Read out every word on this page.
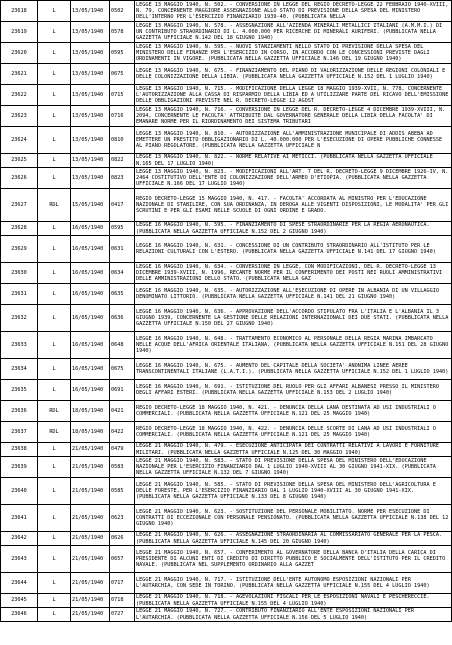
23618	L	13/05/1940	0502	LEGGE 13 MAGGIO 1940, N. 502. - CONVERSIONE IN LEGGE DEL REGIO DECRETO-LEGGE 22 FEBBRAIO 1940-XVIII, N. 79, CONCERNENTE MAGGIORE ASSEGNAZIONE ALLO STATO DI PREVISIONE DELLA SPESA DEL MINISTERO DELL'INTERNO PER L'ESERCIZIO FINANZIARIO 1939-40. (PUBBLICATA NELLA
23619	L	13/05/1940	0578	LEGGE 13 MAGGIO 1940, N. 578. - ASSEGNAZIONE ALL'AZIENDA MINERALI METALLICI ITALIANI (A.M.M.I.) DI UN CONTRIBUTO STRAORDINARIO DI L. 4.000.000 PER RICERCHE DI MINERALI AURIFERI. (PUBBLICATA NELLA GAZZETTA UFFICIALE N.142 DEL 18 GIUGNO 1940)
23620	L	13/05/1940	0595	LEGGE 13 MAGGIO 1940, N. 595. - NUOVI STANZIAMENTI NELLO STATO DI PREVISIONE DELLA SPESA DEL MINISTERO DELLE FINANZE PER L'ESERCIZIO IN CORSO, IN ACCORDO CON LE CONCESSIONI PREVISTE DAGLI ORDINAMENTI IN VIGORE. (PUBBLICATA NELLA GAZZETTA UFFICIALE N.146 DEL 19 GIUGNO 1940)
23621	L	13/05/1940	0675	LEGGE 13 MAGGIO 1940, N. 675. - FINANZIAMENTO DEL PIANO DI VALORIZZAZIONE DELLE REGIONI COLONIALI E DELLE COLONIZZAZIONE DELLA LIBIA. (PUBBLICATA NELLA GAZZETTA UFFICIALE N.152 DEL 1 LUGLIO 1940)
23622	L	13/05/1940	0715	LEGGE 13 MAGGIO 1940, N. 715. - MODIFICAZIONE DELLA LEGGE 18 MAGGIO 1939-XVII, N. 778, CONCERNENTE L'AUTORIZZAZIONE ALLA CASSA DI RISPARMIO DELLA LIBIA ED A UTILIZZARE PARTE DEL RICAVO DELL'EMISSIONE DELLE OBBLIGAZIONI PREVISTE NEL R. DECRETO-LEGGE 12 AGOST
23623	L	13/05/1940	0716	LEGGE 13 MAGGIO 1940, N. 716. - CONVERSIONE IN LEGGE DEL R. DECRETO-LEGGE 4 DICEMBRE 1939-XVIII, N. 2094, CONCERNENTE LE FACOLTA' ATTRIBUITE DAL GOVERNATORE GENERALE DELLA LIBIA DELLA FACOLTA' DI EMANARE NORME PER IL RIORDINAMENTO DEI SISTEMA TRIBUTARI
23624	L	13/05/1940	0810	LEGGE 13 MAGGIO 1940, N. 810. - AUTORIZZAZIONE ALL'AMMINISTRAZIONE MUNICIPALE DI ADDIS ABEBA AD EMETTERE UN PRESTITO OBBLIGAZIONARIO DI L. 40.000.000 PER L'ESECUZIONE DI OPERE PUBBLICHE CONNESSE AL PIANO REGOLATORE. (PUBBLICATA NELLA GAZZETTA UFFICIALE N
23625	L	13/05/1940	0822	LEGGE 13 MAGGIO 1940, N. 822. - NORME RELATIVE AI METICCI. (PUBBLICATA NELLA GAZZETTA UFFICIALE N.165 DEL 17 LUGLIO 1940)
23626	L	13/05/1940	0823	LEGGE 13 MAGGIO 1940, N. 823. - MODIFICAZIONI ALL'ART. 7 DEL R. DECRETO-LEGGE 9 DICEMBRE 1926-IV, N. 2464 COSTITUTIVO DELL'ENTE DI COLONIZZAZIONE DELL'ARMEO D'ETIOPIA. (PUBBLICATA NELLA GAZZETTA UFFICIALE N.166 DEL 17 LUGLIO 1940)
23627	RDL	15/05/1940	0417	REGIO DECRETO-LEGGE 15 MAGGIO 1940, N. 417. - FACOLTA' ACCORDATA AL MINISTRO PER L'EDUCAZIONE NAZIONALE DI STABILIRE, CON SUA ORDINANZA, IN DEROGA ALLE VIGENTI DISPOSIZIONI, LE MODALITA' PER GLI SCRUTINI E PER GLI ESAMI NELLE SCUOLE DI OGNI ORDINE E GRADO.
23628	L	16/05/1940	0595	LEGGE 16 MAGGIO 1940, N. 595. - FINANZIAMENTO DI SPESE STRAORDINARIE PER LA REGIA AERONAUTICA. (PUBBLICATA NELLA GAZZETTA UFFICIALE N.152 DEL 2 GIUGNO 1940)
23629	L	16/05/1940	0631	LEGGE 16 MAGGIO 1940, N. 631. - CONCESSIONE DI UN CONTRIBUTO STRAORDINARIO ALL'ISTITUTO PER LE RELAZIONI CULTURALI CON L'ESTERO. (PUBBLICATA NELLA GAZZETTA UFFICIALE N.141 DEL 17 GIUGNO 1940)
23630	L	16/05/1940	0634	LEGGE 16 MAGGIO 1940, N. 634. - CONVERSIONE IN LEGGE, CON MODIFICAZIONI, DEL R. DECRETO-LEGGE 13 DICEMBRE 1939-XVIII, N. 1996, RECANTE NORME PER IL CONFERIMENTO DEI POSTI NEI RUOLI AMMINISTRATIVI DELLE AMMINISTRAZIONI DELLO STATO. (PUBBLICATA NELLA GAZ
23631	L	16/05/1940	0635	LEGGE 16 MAGGIO 1940, N. 635. - AUTORIZZAZIONE ALL'ESECUZIONE DI OPERE IN ALBANIA DI UN VILLAGGIO DENOMINATO LITTORIO. (PUBBLICATA NELLA GAZZETTA UFFICIALE N.141 DEL 21 GIUGNO 1940)
23632	L	16/05/1940	0636	LEGGE 16 MAGGIO 1940, N. 636. - APPROVAZIONE DELL'ACCORDO STIPULATO FRA L'ITALIA E L'ALBANIA IL 3 GIUGNO 1939, CONCERNENTE LA GESTIONE DELLE RELAZIONI INTERNAZIONALI DEI DUE STATI. (PUBBLICATA NELLA GAZZETTA UFFICIALE N.150 DEL 27 GIUGNO 1940)
23633	L	16/05/1940	0648	LEGGE 16 MAGGIO 1940, N. 648. - TRATTAMENTO ECONOMICO AL PERSONALE DELLA REGIA MARINA IMBARCATO NELLE ACQUE DELL'AFRICA ORIENTALE ITALIANA. (PUBBLICATA NELLA GAZZETTA UFFICIALE N.151 DEL 28 GIUGNO 1940)
23634	L	16/05/1940	0675	LEGGE 16 MAGGIO 1940, N. 675. - AUMENTO DEL CAPITALE DELLA SOCIETA' ANONIMA LINEE AEREE TRANSCONTINENTALI ITALIANE (L.A.T.I.). (PUBBLICATA NELLA GAZZETTA UFFICIALE N.152 DEL 1 LUGLIO 1940)
23635	L	16/05/1940	0691	LEGGE 16 MAGGIO 1940, N. 691. - ISTITUZIONE DEL RUOLO PER GLI AFFARI ALBANESI PRESSO IL MINISTERO DEGLI AFFARI ESTERI. (PUBBLICATA NELLA GAZZETTA UFFICIALE N.153 DEL 2 LUGLIO 1940)
23636	RDL	18/05/1940	0421	REGIO DECRETO-LEGGE 18 MAGGIO 1940, N. 421. - DENUNCIA DELLA LANA DESTINATA AD USI INDUSTRIALI O COMMERCIALI. (PUBBLICATA NELLA GAZZETTA UFFICIALE N.121 DEL 25 MAGGIO 1940)
23637	RDL	18/05/1940	0422	REGIO DECRETO-LEGGE 18 MAGGIO 1940, N. 422. - DENUNCIA DELLE SCORTE DI LANA AD USI INDUSTRIALI O COMMERCIALI. (PUBBLICATA NELLA GAZZETTA UFFICIALE N.121 DEL 25 MAGGIO 1940)
23638	L	21/05/1940	0479	LEGGE 21 MAGGIO 1940, N. 479. - ESECUZIONE ANTICIPATA DEI CONTRATTI RELATIVI A LAVORI E FORNITURE MILITARI. (PUBBLICATA NELLA GAZZETTA UFFICIALE N.125 DEL 30 MAGGIO 1940)
23639	L	21/05/1940	0583	LEGGE 21 MAGGIO 1940, N. 583. - STATO DI PREVISIONE DELLA SPESA DEL MINISTERO DELL'EDUCAZIONE NAZIONALE PER L'ESERCIZIO FINANZIARIO DAL 1 LUGLIO 1940-XVIII AL 30 GIUGNO 1941-XIX. (PUBBLICATA NELLA GAZZETTA UFFICIALE N.132 DEL 7 GIUGNO 1940)
23640	L	21/05/1940	0585	LEGGE 21 MAGGIO 1940, N. 585. - STATO DI PREVISIONE DELLA SPESA DEL MINISTERO DELL'AGRICOLTURA E DELLE FORESTE, PER L'ESERCIZIO FINANZIARIO DAL 1 LUGLIO 1940-XVIII AL 30 GIUGNO 1941-XIX. (PUBBLICATA NELLA GAZZETTA UFFICIALE N.133 DEL 8 GIUGNO 1940)
23641	L	21/05/1940	0623	LEGGE 21 MAGGIO 1940, N. 623. - SOSTITUZIONE DEL PERSONALE MOBILITATO. NORME PER ESECUZIONE DI CONTRATTI DI ECCEZIONALE CON PERSONALE PENSIONATO. (PUBBLICATA NELLA GAZZETTA UFFICIALE N.138 DEL 12 GIUGNO 1940)
23642	L	21/05/1940	0626	LEGGE 21 MAGGIO 1940, N. 626. - ASSEGNAZIONE STRAORDINARIA AL COMMISSARIATO GENERALE PER LA PESCA. (PUBBLICATA NELLA GAZZETTA UFFICIALE N.145 DEL 20 GIUGNO 1940)
23643	L	21/05/1940	0657	LEGGE 21 MAGGIO 1940, N. 657. - CONFERIMENTO AL GOVERNATORE DELLA BANCA D'ITALIA DELLA CARICA DI PRESIDENTE DI ALCUNI ENTI DI CREDITO DI DIRITTO PUBBLICO E SOCIALMENTE DELL'ISTITUTO PER IL CREDITO NAVALE. (PUBBLICATA NEL SUPPLEMENTO ORDINARIO ALLA GAZZET
23644	L	21/05/1940	0717	LEGGE 21 MAGGIO 1940, N. 717. - ISTITUZIONE DELL'ENTE AUTONOMO ESPOSIZIONI NAZIONALI PER L'AUTARCHIA, CON SEDE IN TORINO. (PUBBLICATA NELLA GAZZETTA UFFICIALE N.155 DEL 4 LUGLIO 1940)
23645	L	21/05/1940	0718	LEGGE 21 MAGGIO 1940, N. 718. - AGEVOLAZIONI FISCALI PER LE ESPOSIZIONI NAVALI E PESCHERECCIE. (PUBBLICATA NELLA GAZZETTA UFFICIALE N.155 DEL 4 LUGLIO 1940)
23646	L	21/05/1940	0727	LEGGE 21 MAGGIO 1940, N. 727. - CONTRIBUTO FINANZIARIO ALL'ENTE ESPOSIZIONI NAZIONALI PER L'AUTARCHIA. (PUBBLICATA NELLA GAZZETTA UFFICIALE N.156 DEL 5 LUGLIO 1940)
